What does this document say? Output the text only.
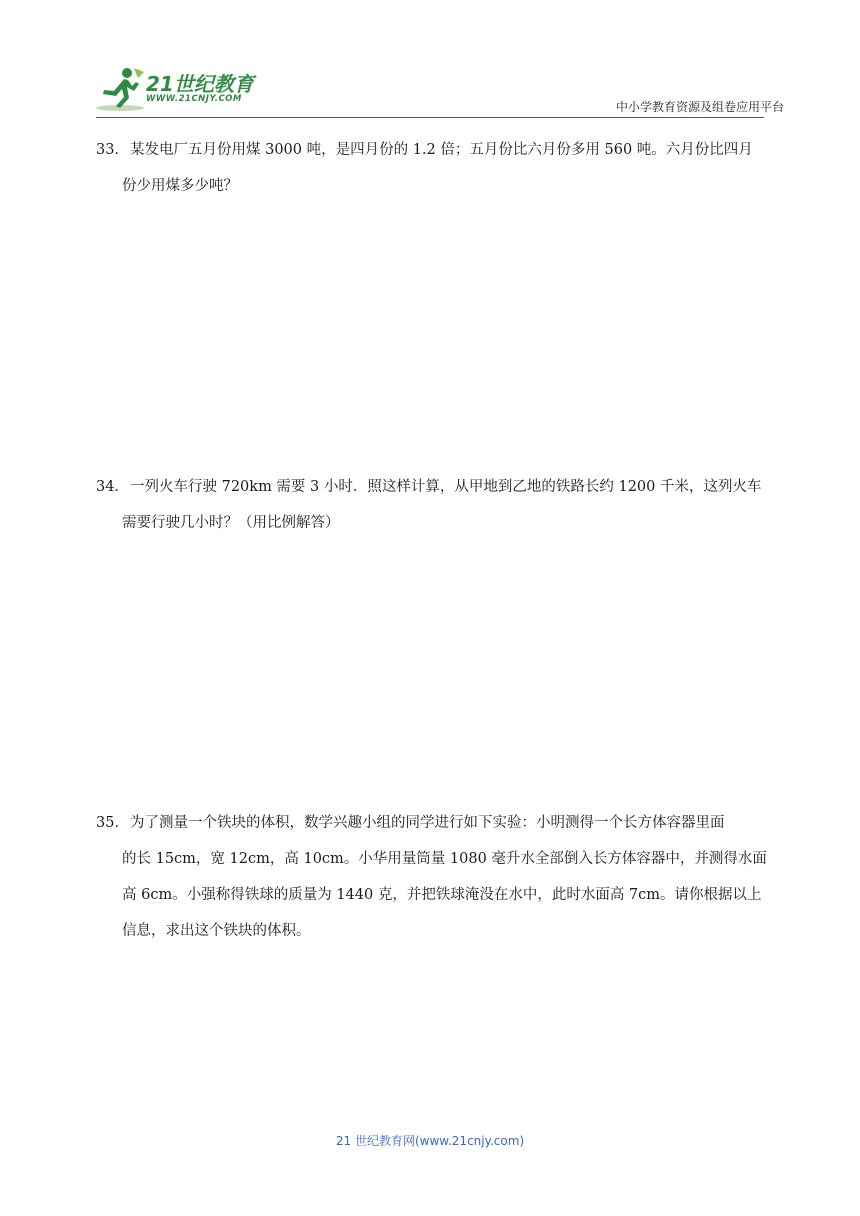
21世纪教育
WWW.21CNJY.COM
中小学教育资源及组卷应用平台
33． 某发电厂五月份用煤 3000 吨，是四月份的 1.2 倍；五月份比六月份多用 560 吨。六月份比四月
份少用煤多少吨？
34． 一列火车行驶 720km 需要 3 小时．照这样计算，从甲地到乙地的铁路长约 1200 千米，这列火车
需要行驶几小时？（用比例解答）
35． 为了测量一个铁块的体积，数学兴趣小组的同学进行如下实验：小明测得一个长方体容器里面
的长 15cm，宽 12cm，高 10cm。小华用量筒量 1080 毫升水全部倒入长方体容器中，并测得水面
高 6cm。小强称得铁球的质量为 1440 克，并把铁球淹没在水中，此时水面高 7cm。请你根据以上
信息，求出这个铁块的体积。
21 世纪教育网(www.21cnjy.com)
